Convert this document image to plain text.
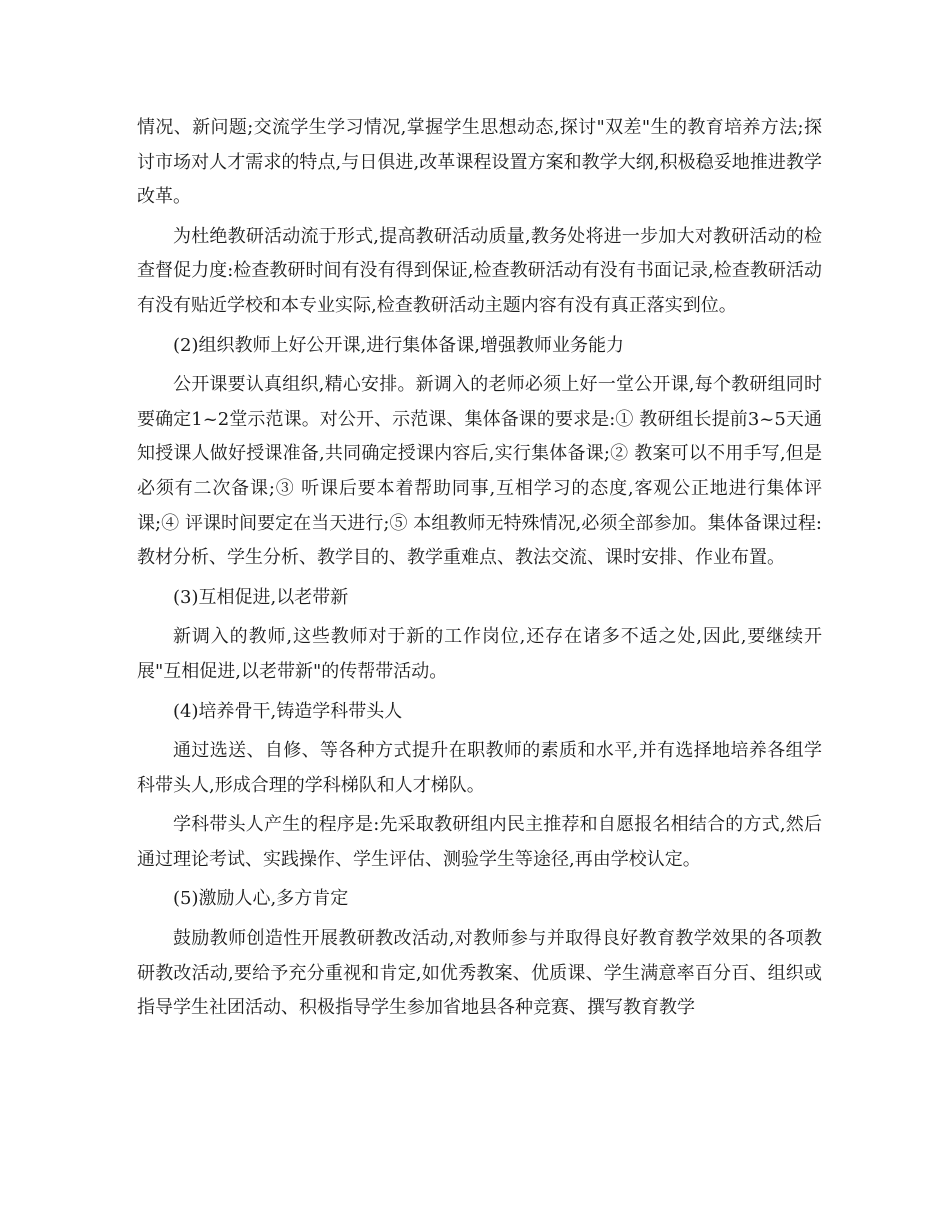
情况、新问题;交流学生学习情况,掌握学生思想动态,探讨"双差"生的教育培养方法;探讨市场对人才需求的特点,与日俱进,改革课程设置方案和教学大纲,积极稳妥地推进教学改革。

为杜绝教研活动流于形式,提高教研活动质量,教务处将进一步加大对教研活动的检查督促力度:检查教研时间有没有得到保证,检查教研活动有没有书面记录,检查教研活动有没有贴近学校和本专业实际,检查教研活动主题内容有没有真正落实到位。

(2)组织教师上好公开课,进行集体备课,增强教师业务能力

公开课要认真组织,精心安排。新调入的老师必须上好一堂公开课,每个教研组同时要确定1~2堂示范课。对公开、示范课、集体备课的要求是:① 教研组长提前3~5天通知授课人做好授课准备,共同确定授课内容后,实行集体备课;② 教案可以不用手写,但是必须有二次备课;③ 听课后要本着帮助同事,互相学习的态度,客观公正地进行集体评课;④ 评课时间要定在当天进行;⑤ 本组教师无特殊情况,必须全部参加。集体备课过程:教材分析、学生分析、教学目的、教学重难点、教法交流、课时安排、作业布置。

(3)互相促进,以老带新

新调入的教师,这些教师对于新的工作岗位,还存在诸多不适之处,因此,要继续开展"互相促进,以老带新"的传帮带活动。

(4)培养骨干,铸造学科带头人

通过选送、自修、等各种方式提升在职教师的素质和水平,并有选择地培养各组学科带头人,形成合理的学科梯队和人才梯队。

学科带头人产生的程序是:先采取教研组内民主推荐和自愿报名相结合的方式,然后通过理论考试、实践操作、学生评估、测验学生等途径,再由学校认定。

(5)激励人心,多方肯定

鼓励教师创造性开展教研教改活动,对教师参与并取得良好教育教学效果的各项教研教改活动,要给予充分重视和肯定,如优秀教案、优质课、学生满意率百分百、组织或指导学生社团活动、积极指导学生参加省地县各种竞赛、撰写教育教学
